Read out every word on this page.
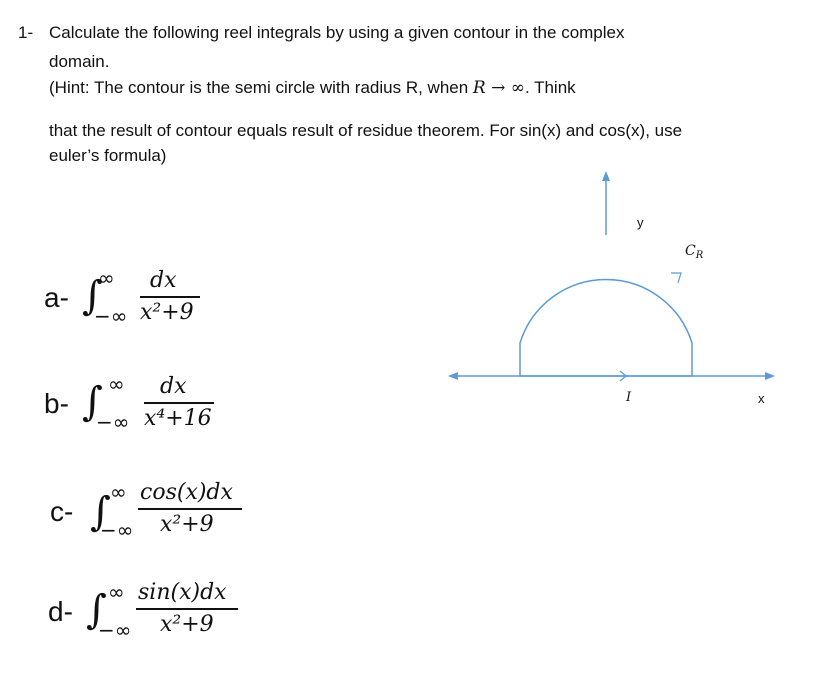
1- Calculate the following reel integrals by using a given contour in the complex
domain.
(Hint: The contour is the semi circle with radius R, when R → ∞. Think
that the result of contour equals result of residue theorem. For sin(x) and cos(x), use
euler’s formula)
a- ∫
∞
−∞
dx
x²+9
b- ∫ ∞
−∞
dx
x⁴+16
c- ∫ ∞
−∞
cos(x)dx
x²+9
d- ∫ ∞
−∞
sin(x)dx
x²+9
y
x
$C_R$
I
